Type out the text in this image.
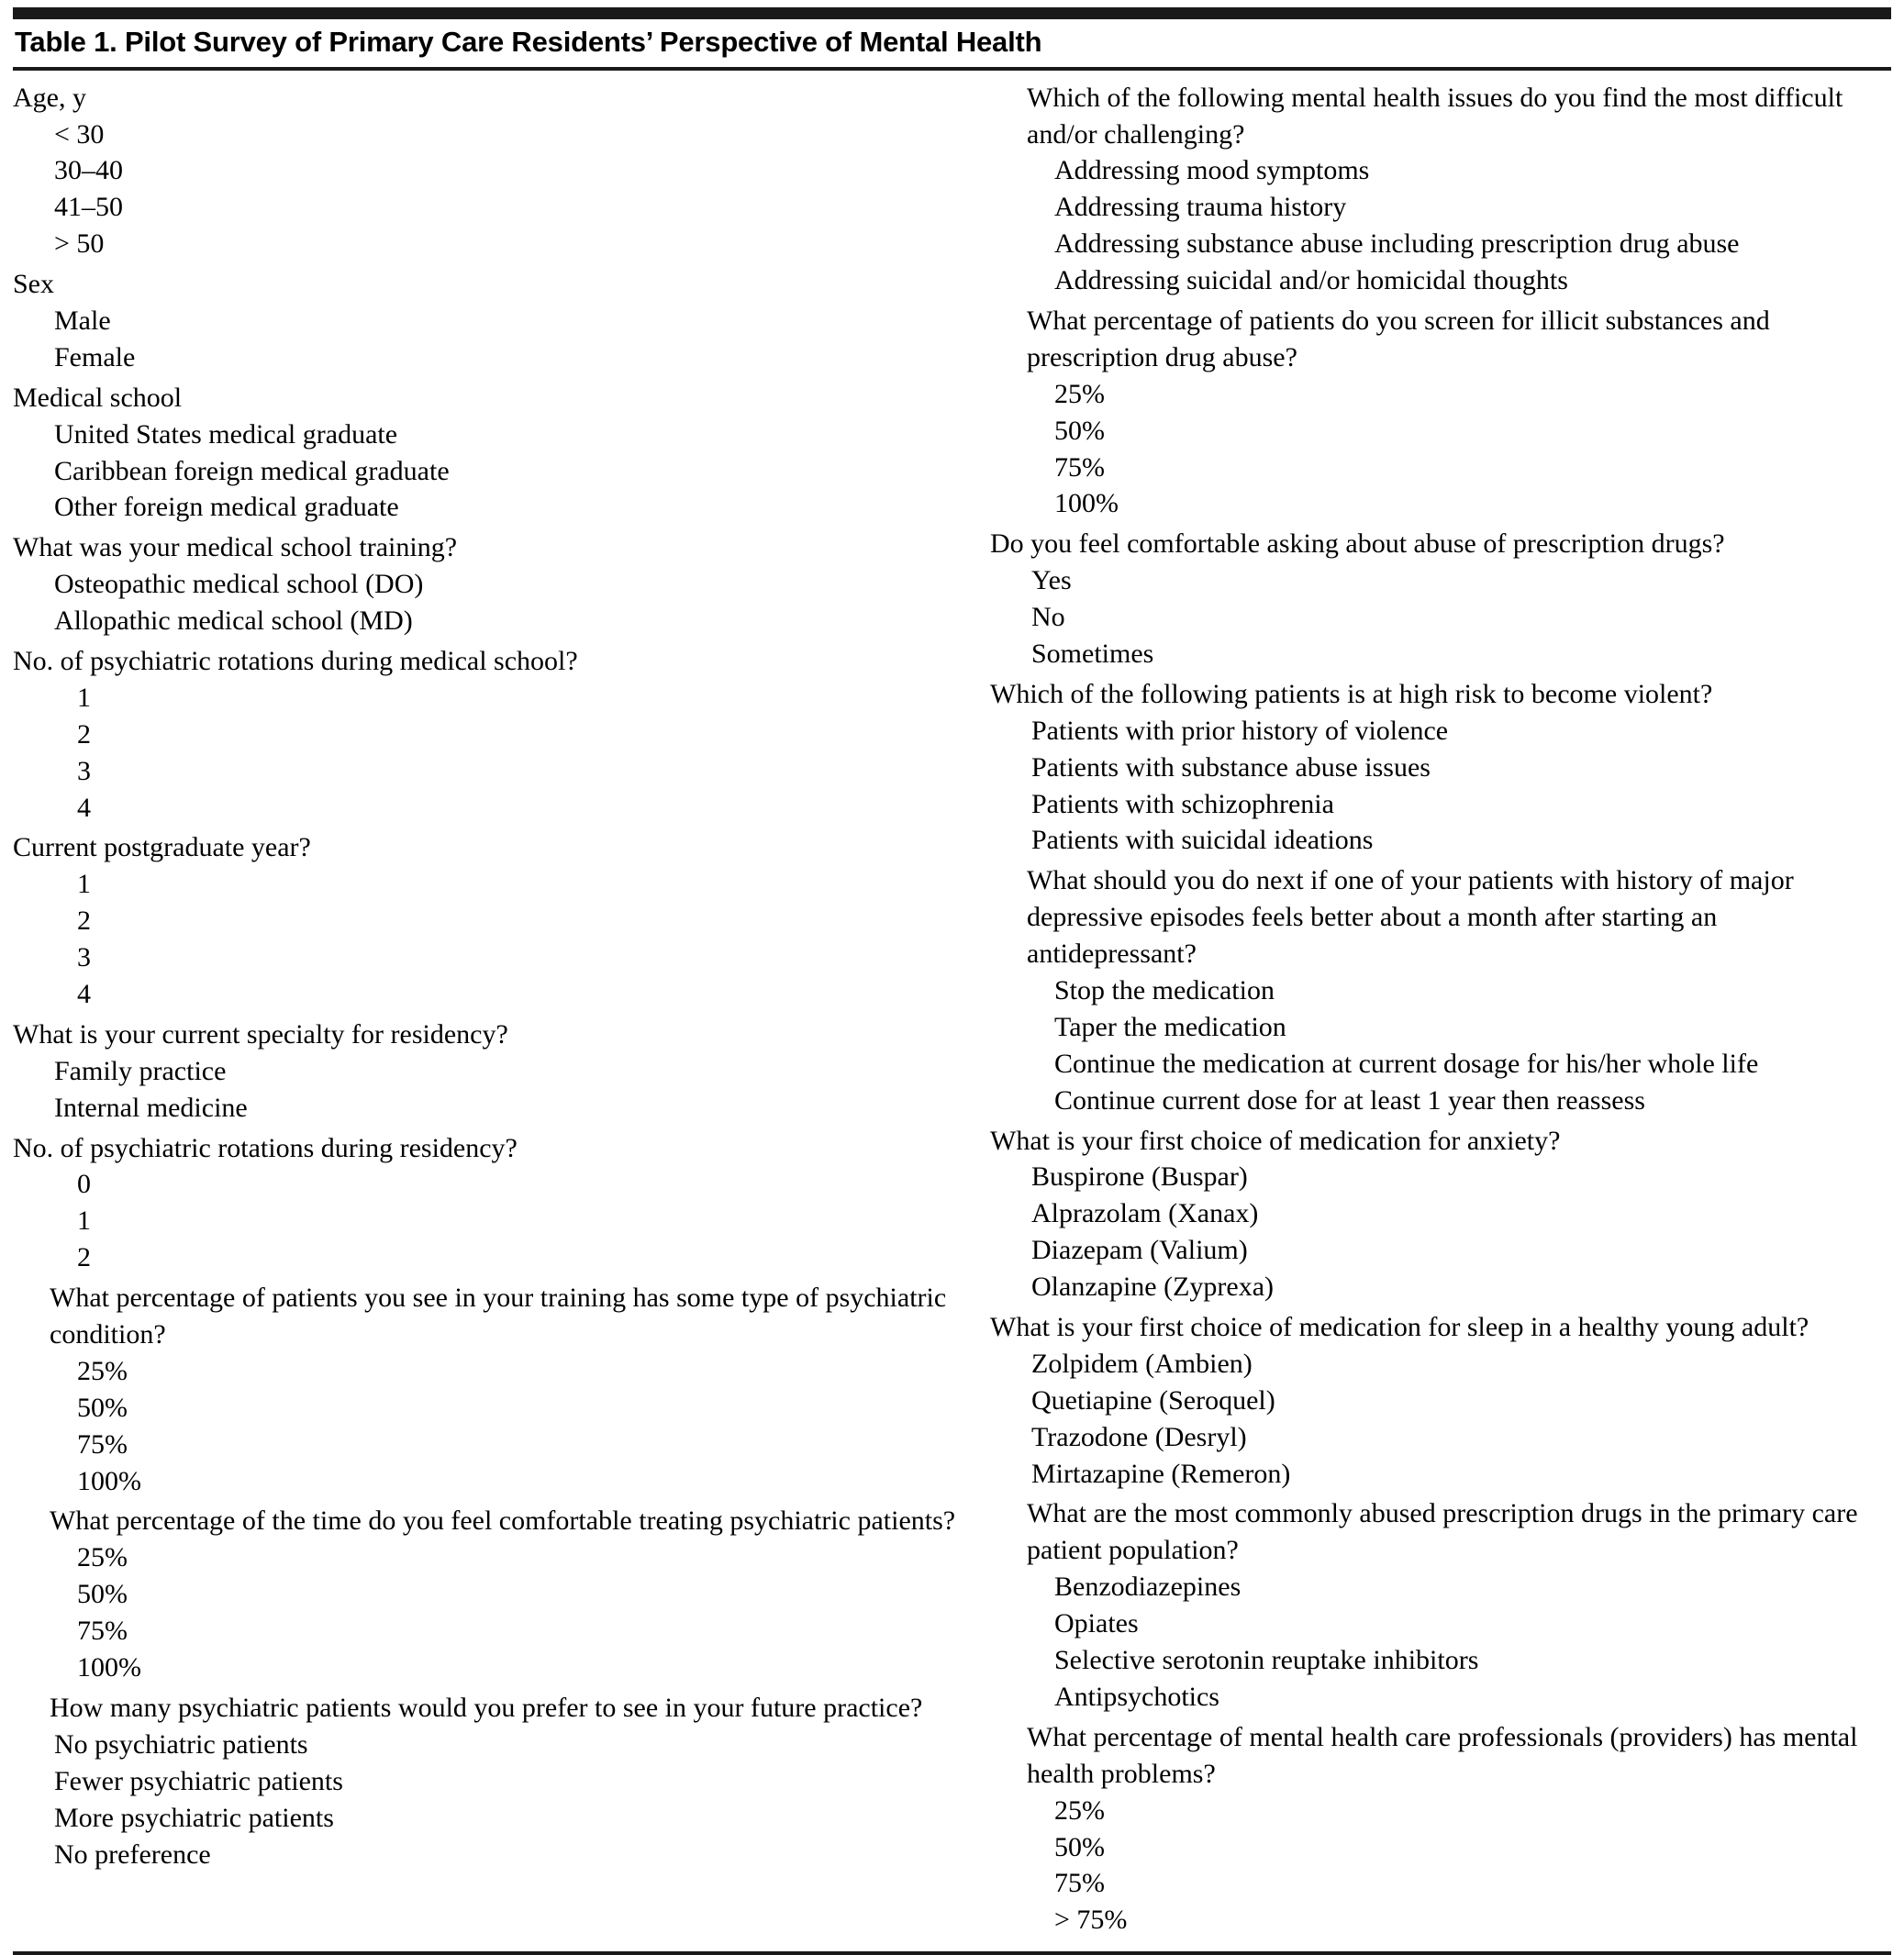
Table 1. Pilot Survey of Primary Care Residents’ Perspective of Mental Health
Age, y
< 30
30–40
41–50
> 50
Sex
Male
Female
Medical school
United States medical graduate
Caribbean foreign medical graduate
Other foreign medical graduate
What was your medical school training?
Osteopathic medical school (DO)
Allopathic medical school (MD)
No. of psychiatric rotations during medical school?
1
2
3
4
Current postgraduate year?
1
2
3
4
What is your current specialty for residency?
Family practice
Internal medicine
No. of psychiatric rotations during residency?
0
1
2
What percentage of patients you see in your training has some type of psychiatric condition?
25%
50%
75%
100%
What percentage of the time do you feel comfortable treating psychiatric patients?
25%
50%
75%
100%
How many psychiatric patients would you prefer to see in your future practice?
No psychiatric patients
Fewer psychiatric patients
More psychiatric patients
No preference
Which of the following mental health issues do you find the most difficult and/or challenging?
Addressing mood symptoms
Addressing trauma history
Addressing substance abuse including prescription drug abuse
Addressing suicidal and/or homicidal thoughts
What percentage of patients do you screen for illicit substances and prescription drug abuse?
25%
50%
75%
100%
Do you feel comfortable asking about abuse of prescription drugs?
Yes
No
Sometimes
Which of the following patients is at high risk to become violent?
Patients with prior history of violence
Patients with substance abuse issues
Patients with schizophrenia
Patients with suicidal ideations
What should you do next if one of your patients with history of major depressive episodes feels better about a month after starting an antidepressant?
Stop the medication
Taper the medication
Continue the medication at current dosage for his/her whole life
Continue current dose for at least 1 year then reassess
What is your first choice of medication for anxiety?
Buspirone (Buspar)
Alprazolam (Xanax)
Diazepam (Valium)
Olanzapine (Zyprexa)
What is your first choice of medication for sleep in a healthy young adult?
Zolpidem (Ambien)
Quetiapine (Seroquel)
Trazodone (Desryl)
Mirtazapine (Remeron)
What are the most commonly abused prescription drugs in the primary care patient population?
Benzodiazepines
Opiates
Selective serotonin reuptake inhibitors
Antipsychotics
What percentage of mental health care professionals (providers) has mental health problems?
25%
50%
75%
> 75%
